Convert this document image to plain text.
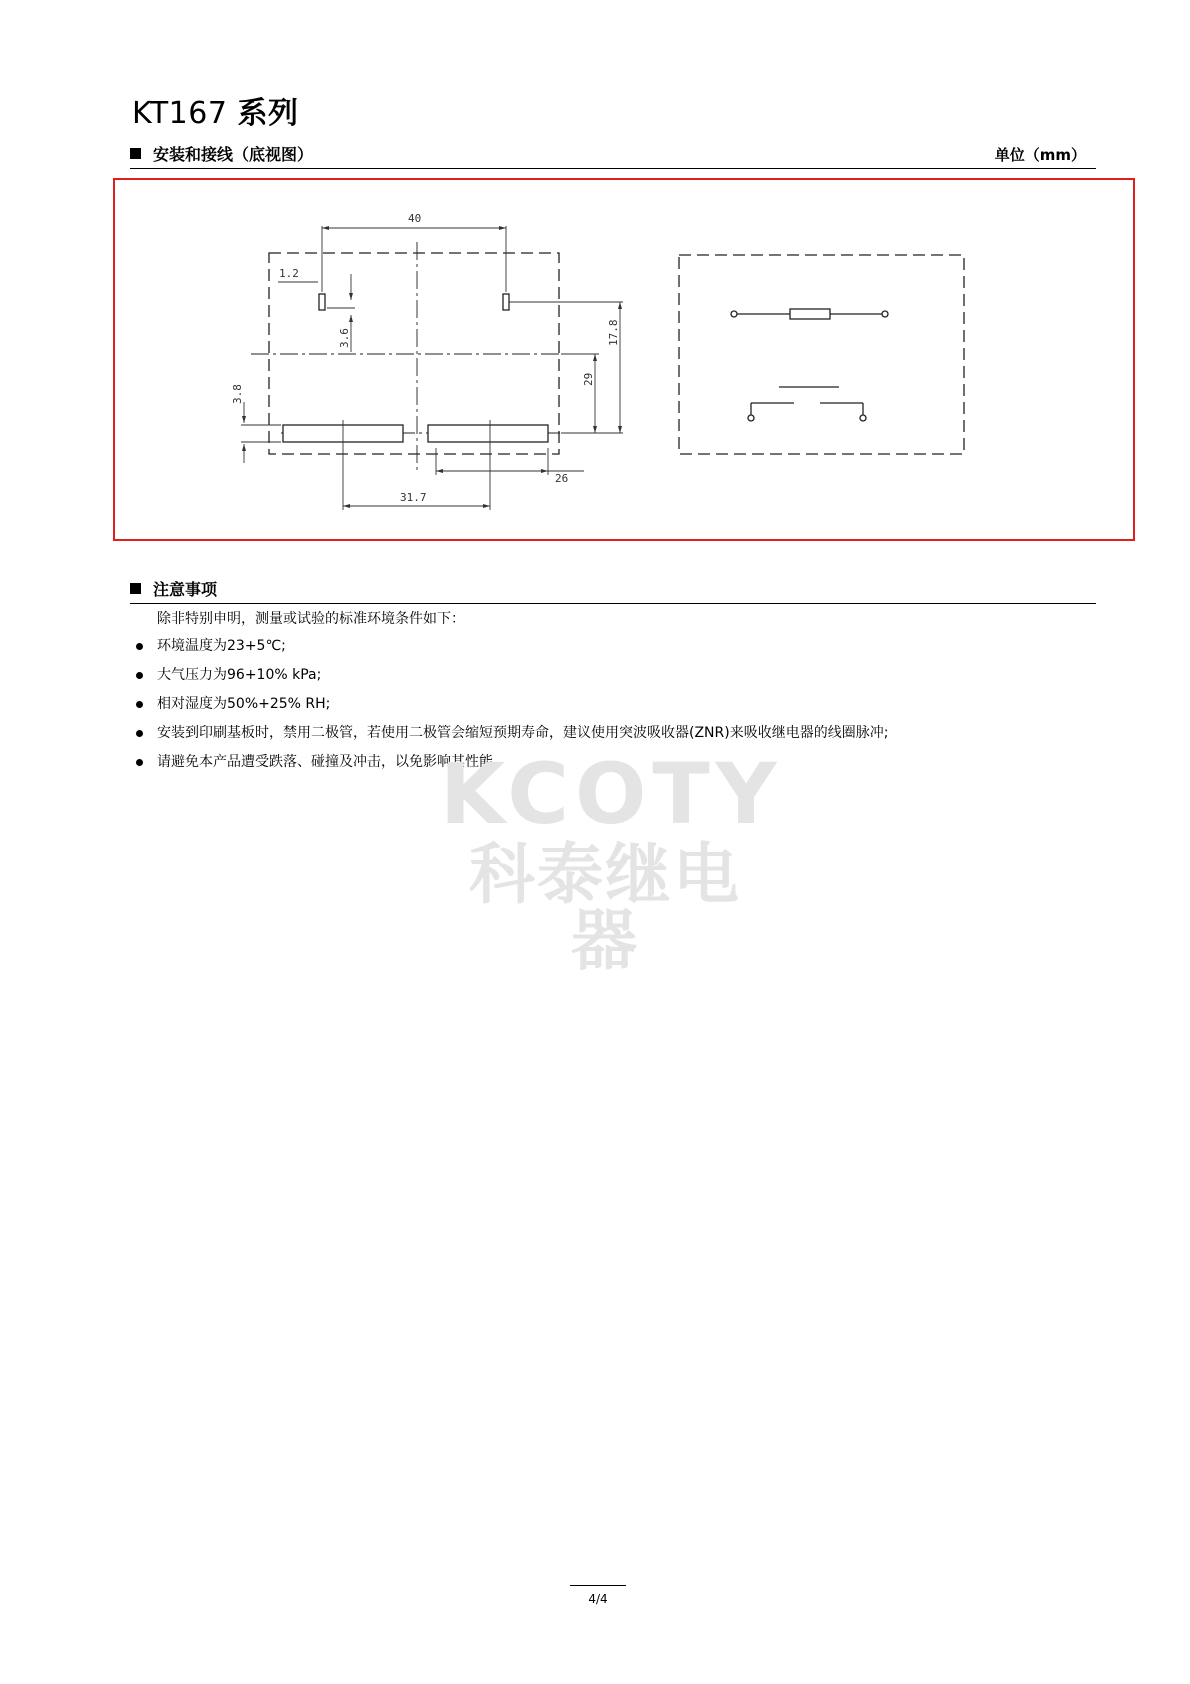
KT167 系列
安装和接线（底视图）	单位（mm）
40
1.2
3.6	17.8
29
3.8
26
31.7
注意事项
除非特别申明，测量或试验的标准环境条件如下：
环境温度为23+5℃;
大气压力为96+10% kPa;
相对湿度为50%+25% RH;
安装到印刷基板时，禁用二极管，若使用二极管会缩短预期寿命，建议使用突波吸收器(ZNR)来吸收继电器的线圈脉冲;
请避免本产品遭受跌落、碰撞及冲击，以免影响其性能。
KCOTY
科泰继电器
4/4
